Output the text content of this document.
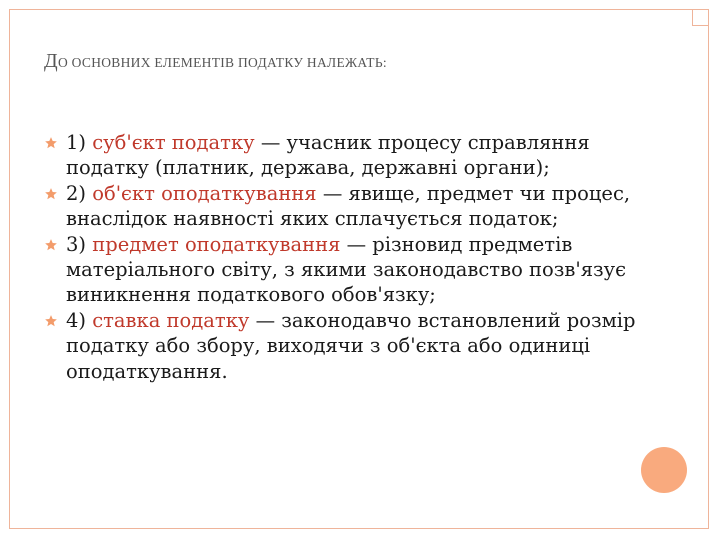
ДО ОСНОВНИХ ЕЛЕМЕНТІВ ПОДАТКУ НАЛЕЖАТЬ:
1) суб'єкт податку — учасник процесу справляння податку (платник, держава, державні органи);
2) об'єкт оподаткування — явище, предмет чи процес, внаслідок наявності яких сплачується податок;
3) предмет оподаткування — різновид предметів матеріального світу, з якими законодавство позв'язує виникнення податкового обов'язку;
4) ставка податку — законодавчо встановлений розмір податку або збору, виходячи з об'єкта або одиниці оподаткування.
